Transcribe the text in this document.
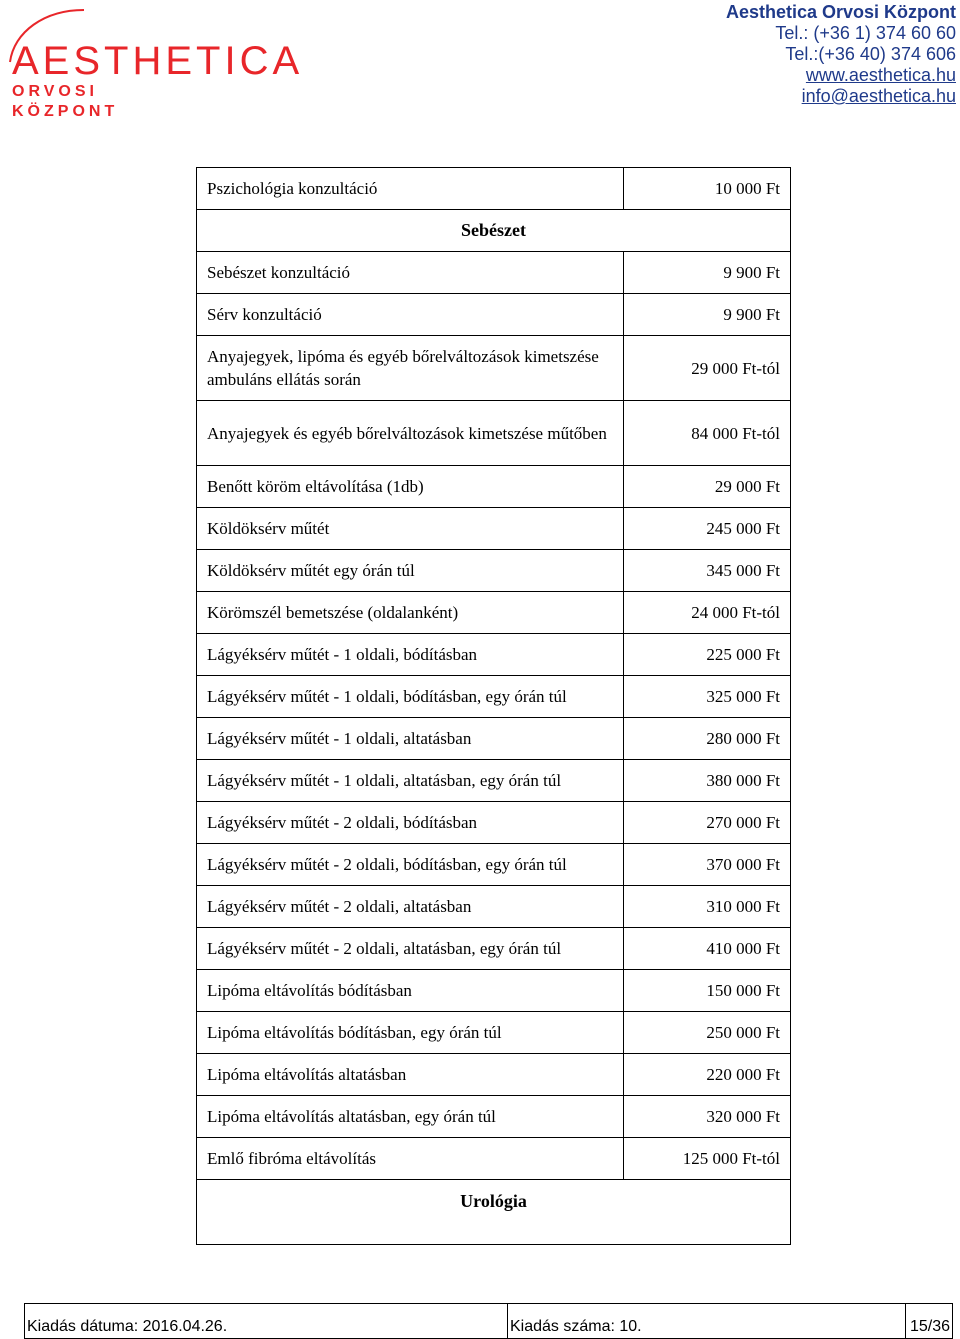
AESTHETICA
ORVOSI
KÖZPONT
Aesthetica Orvosi Központ
Tel.: (+36 1) 374 60 60
Tel.:(+36 40) 374 606
www.aesthetica.hu
info@aesthetica.hu
Pszichológia konzultáció	10 000 Ft
Sebészet	
Sebészet konzultáció	9 900 Ft
Sérv konzultáció	9 900 Ft
Anyajegyek, lipóma és egyéb bőrelváltozások kimetszése ambuláns ellátás során	29 000 Ft-tól
Anyajegyek és egyéb bőrelváltozások kimetszése műtőben	84 000 Ft-tól
Benőtt köröm eltávolítása (1db)	29 000 Ft
Köldöksérv műtét	245 000 Ft
Köldöksérv műtét egy órán túl	345 000 Ft
Körömszél bemetszése (oldalanként)	24 000 Ft-tól
Lágyéksérv műtét - 1 oldali, bódításban	225 000 Ft
Lágyéksérv műtét - 1 oldali, bódításban, egy órán túl	325 000 Ft
Lágyéksérv műtét - 1 oldali, altatásban	280 000 Ft
Lágyéksérv műtét - 1 oldali, altatásban, egy órán túl	380 000 Ft
Lágyéksérv műtét - 2 oldali, bódításban	270 000 Ft
Lágyéksérv műtét - 2 oldali, bódításban, egy órán túl	370 000 Ft
Lágyéksérv műtét - 2 oldali, altatásban	310 000 Ft
Lágyéksérv műtét - 2 oldali, altatásban, egy órán túl	410 000 Ft
Lipóma eltávolítás bódításban	150 000 Ft
Lipóma eltávolítás bódításban, egy órán túl	250 000 Ft
Lipóma eltávolítás altatásban	220 000 Ft
Lipóma eltávolítás altatásban, egy órán túl	320 000 Ft
Emlő fibróma eltávolítás	125 000 Ft-tól
Urológia	
Kiadás dátuma: 2016.04.26.	Kiadás száma: 10.	15/36
